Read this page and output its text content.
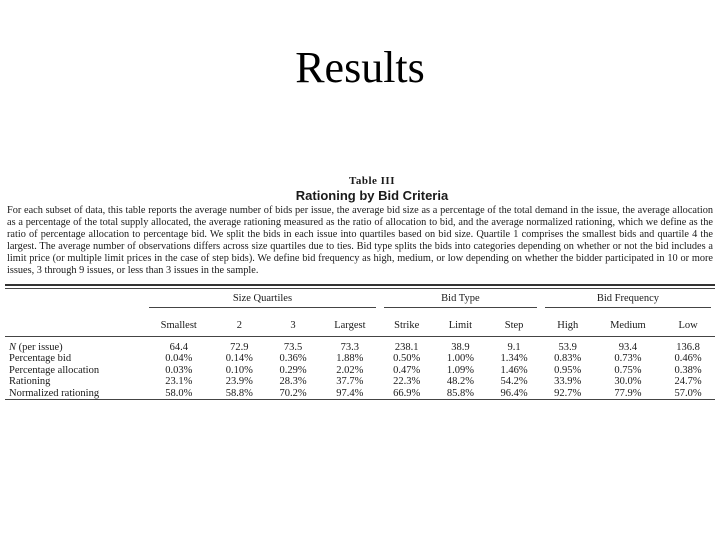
Results
Table III
Rationing by Bid Criteria
For each subset of data, this table reports the average number of bids per issue, the average bid size as a percentage of the total demand in the issue, the average allocation as a percentage of the total supply allocated, the average rationing measured as the ratio of allocation to bid, and the average normalized rationing, which we define as the ratio of percentage allocation to percentage bid. We split the bids in each issue into quartiles based on bid size. Quartile 1 comprises the smallest bids and quartile 4 the largest. The average number of observations differs across size quartiles due to ties. Bid type splits the bids into categories depending on whether or not the bid includes a limit price (or multiple limit prices in the case of step bids). We define bid frequency as high, medium, or low depending on whether the bidder participated in 10 or more issues, 3 through 9 issues, or less than 3 issues in the sample.

	Size Quartiles				Bid Type			Bid Frequency		

	Smallest	2	3	Largest	Strike	Limit	Step	High	Medium	Low

N (per issue)	64.4	72.9	73.5	73.3	238.1	38.9	9.1	53.9	93.4	136.8
Percentage bid	0.04%	0.14%	0.36%	1.88%	0.50%	1.00%	1.34%	0.83%	0.73%	0.46%
Percentage allocation	0.03%	0.10%	0.29%	2.02%	0.47%	1.09%	1.46%	0.95%	0.75%	0.38%
Rationing	23.1%	23.9%	28.3%	37.7%	22.3%	48.2%	54.2%	33.9%	30.0%	24.7%
Normalized rationing	58.0%	58.8%	70.2%	97.4%	66.9%	85.8%	96.4%	92.7%	77.9%	57.0%
